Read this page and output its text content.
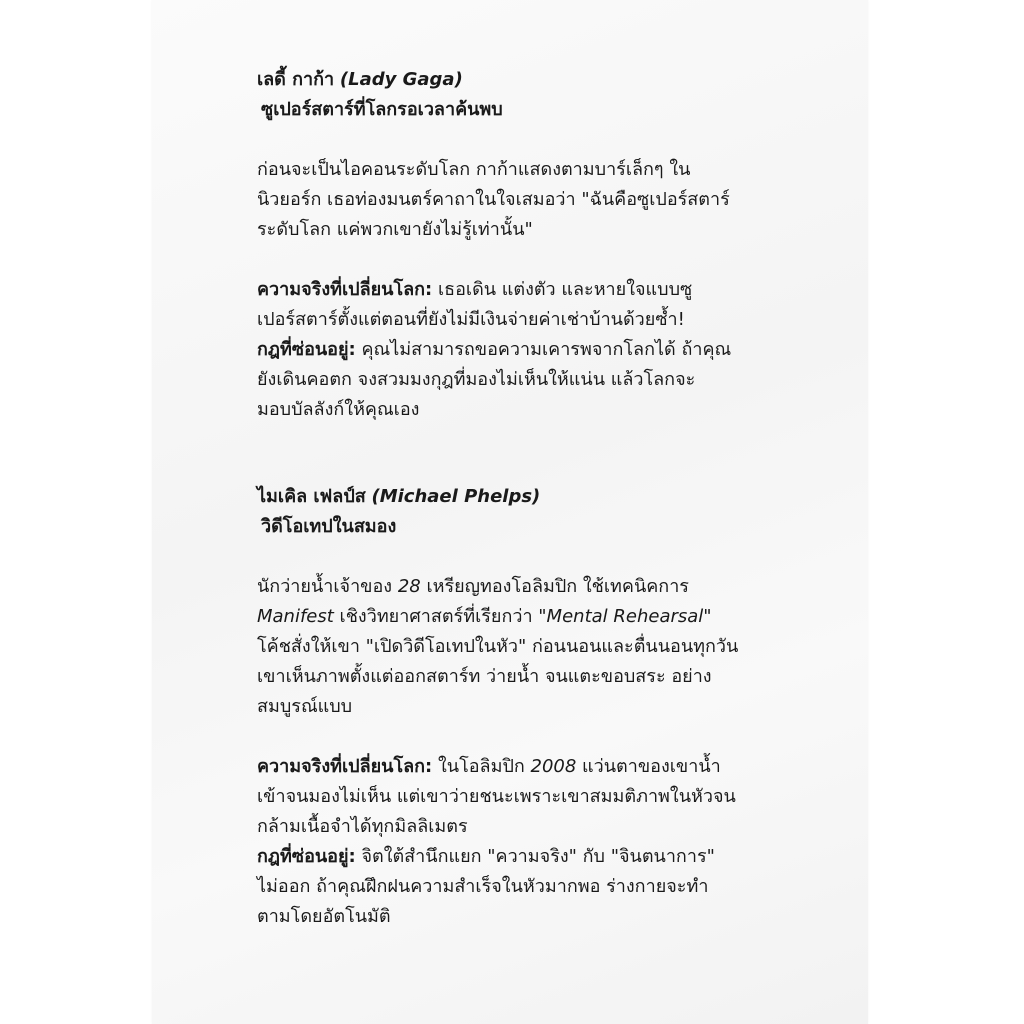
เลดี้ กาก้า (Lady Gaga)
ซูเปอร์สตาร์ที่โลกรอเวลาค้นพบ
ก่อนจะเป็นไอคอนระดับโลก กาก้าแสดงตามบาร์เล็กๆ ใน
นิวยอร์ก เธอท่องมนตร์คาถาในใจเสมอว่า "ฉันคือซูเปอร์สตาร์
ระดับโลก แค่พวกเขายังไม่รู้เท่านั้น"
ความจริงที่เปลี่ยนโลก: เธอเดิน แต่งตัว และหายใจแบบซู
เปอร์สตาร์ตั้งแต่ตอนที่ยังไม่มีเงินจ่ายค่าเช่าบ้านด้วยซ้ำ!
กฎที่ซ่อนอยู่: คุณไม่สามารถขอความเคารพจากโลกได้ ถ้าคุณ
ยังเดินคอตก จงสวมมงกุฎที่มองไม่เห็นให้แน่น แล้วโลกจะ
มอบบัลลังก์ให้คุณเอง
ไมเคิล เฟลป์ส (Michael Phelps)
วิดีโอเทปในสมอง
นักว่ายน้ำเจ้าของ 28 เหรียญทองโอลิมปิก ใช้เทคนิคการ
Manifest เชิงวิทยาศาสตร์ที่เรียกว่า "Mental Rehearsal"
โค้ชสั่งให้เขา "เปิดวิดีโอเทปในหัว" ก่อนนอนและตื่นนอนทุกวัน
เขาเห็นภาพตั้งแต่ออกสตาร์ท ว่ายน้ำ จนแตะขอบสระ อย่าง
สมบูรณ์แบบ
ความจริงที่เปลี่ยนโลก: ในโอลิมปิก 2008 แว่นตาของเขาน้ำ
เข้าจนมองไม่เห็น แต่เขาว่ายชนะเพราะเขาสมมติภาพในหัวจน
กล้ามเนื้อจำได้ทุกมิลลิเมตร
กฎที่ซ่อนอยู่: จิตใต้สำนึกแยก "ความจริง" กับ "จินตนาการ"
ไม่ออก ถ้าคุณฝึกฝนความสำเร็จในหัวมากพอ ร่างกายจะทำ
ตามโดยอัตโนมัติ
